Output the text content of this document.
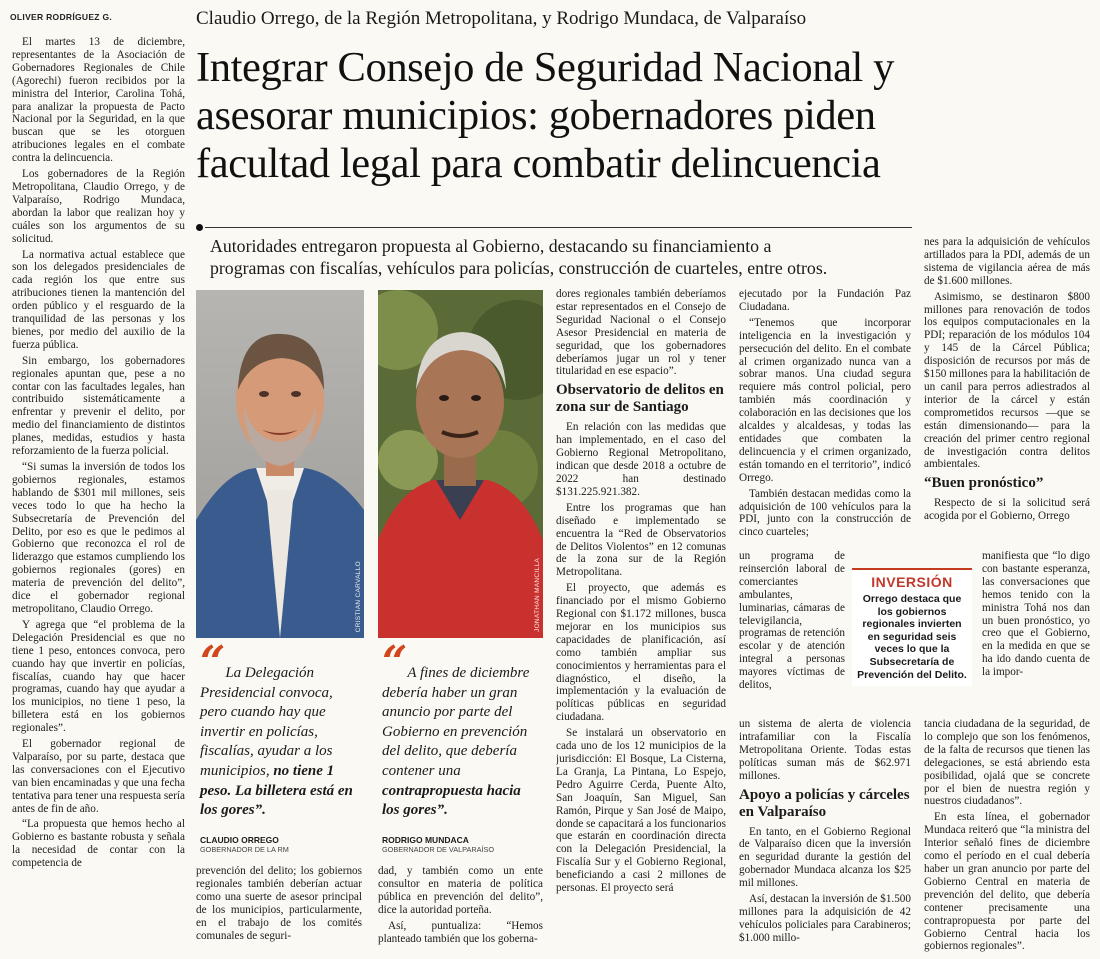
OLIVER RODRÍGUEZ G.	Claudio Orrego, de la Región Metropolitana, y Rodrigo Mundaca, de Valparaíso
Integrar Consejo de Seguridad Nacional y
asesorar municipios: gobernadores piden
facultad legal para combatir delincuencia
Autoridades entregaron propuesta al Gobierno, destacando su financiamiento a
programas con fiscalías, vehículos para policías, construcción de cuarteles, entre otros.

El martes 13 de diciembre, representantes de la Asociación de Gobernadores Regionales de Chile (Agorechi) fueron recibidos por la ministra del Interior, Carolina Tohá, para analizar la propuesta de Pacto Nacional por la Seguridad, en la que buscan que se les otorguen atribuciones legales en el combate contra la delincuencia.

Los gobernadores de la Región Metropolitana, Claudio Orrego, y de Valparaíso, Rodrigo Mundaca, abordan la labor que realizan hoy y cuáles son los argumentos de su solicitud.

La normativa actual establece que son los delegados presidenciales de cada región los que entre sus atribuciones tienen la mantención del orden público y el resguardo de la tranquilidad de las personas y los bienes, por medio del auxilio de la fuerza pública.

Sin embargo, los gobernadores regionales apuntan que, pese a no contar con las facultades legales, han contribuido sistemáticamente a enfrentar y prevenir el delito, por medio del financiamiento de distintos planes, medidas, estudios y hasta reforzamiento de la fuerza policial.

“Si sumas la inversión de todos los gobiernos regionales, estamos hablando de $301 mil millones, seis veces todo lo que ha hecho la Subsecretaría de Prevención del Delito, por eso es que le pedimos al Gobierno que reconozca el rol de liderazgo que estamos cumpliendo los gobiernos regionales (gores) en materia de prevención del delito”, dice el gobernador regional metropolitano, Claudio Orrego.

Y agrega que “el problema de la Delegación Presidencial es que no tiene 1 peso, entonces convoca, pero cuando hay que invertir en policías, fiscalías, cuando hay que hacer programas, cuando hay que ayudar a los municipios, no tiene 1 peso, la billetera está en los gobiernos regionales”.

El gobernador regional de Valparaíso, por su parte, destaca que las conversaciones con el Ejecutivo van bien encaminadas y que una fecha tentativa para tener una respuesta sería antes de fin de año.

“La propuesta que hemos hecho al Gobierno es bastante robusta y señala la necesidad de contar con la competencia de

CRISTIAN CARVALLO	JONATHAN MANCILLA
“La Delegación Presidencial convoca, pero cuando hay que invertir en policías, fiscalías, ayudar a los municipios, no tiene 1 peso. La billetera está en los gores”.
CLAUDIO ORREGO
GOBERNADOR DE LA RM
“A fines de diciembre debería haber un gran anuncio por parte del Gobierno en prevención del delito, que debería contener una contrapropuesta hacia los gores”.
RODRIGO MUNDACA
GOBERNADOR DE VALPARAÍSO

prevención del delito; los gobiernos regionales también deberían actuar como una suerte de asesor principal de los municipios, particularmente, en el trabajo de los comités comunales de seguri-

dad, y también como un ente consultor en materia de política pública en prevención del delito”, dice la autoridad porteña.

Así, puntualiza: “Hemos planteado también que los goberna-

dores regionales también deberíamos estar representados en el Consejo de Seguridad Nacional o el Consejo Asesor Presidencial en materia de seguridad, que los gobernadores deberíamos jugar un rol y tener titularidad en ese espacio”.

Observatorio de delitos en zona sur de Santiago

En relación con las medidas que han implementado, en el caso del Gobierno Regional Metropolitano, indican que desde 2018 a octubre de 2022 han destinado $131.225.921.382.

Entre los programas que han diseñado e implementado se encuentra la “Red de Observatorios de Delitos Violentos” en 12 comunas de la zona sur de la Región Metropolitana.

El proyecto, que además es financiado por el mismo Gobierno Regional con $1.172 millones, busca mejorar en los municipios sus capacidades de planificación, así como también ampliar sus conocimientos y herramientas para el diagnóstico, el diseño, la implementación y la evaluación de políticas públicas en seguridad ciudadana.

Se instalará un observatorio en cada uno de los 12 municipios de la jurisdicción: El Bosque, La Cisterna, La Granja, La Pintana, Lo Espejo, Pedro Aguirre Cerda, Puente Alto, San Joaquín, San Miguel, San Ramón, Pirque y San José de Maipo, donde se capacitará a los funcionarios que estarán en coordinación directa con la Delegación Presidencial, la Fiscalía Sur y el Gobierno Regional, beneficiando a casi 2 millones de personas. El proyecto será

ejecutado por la Fundación Paz Ciudadana.

“Tenemos que incorporar inteligencia en la investigación y persecución del delito. En el combate al crimen organizado nunca van a sobrar manos. Una ciudad segura requiere más control policial, pero también más coordinación y colaboración en las decisiones que los alcaldes y alcaldesas, y todas las entidades que combaten la delincuencia y el crimen organizado, están tomando en el territorio”, indicó Orrego.

También destacan medidas como la adquisición de 100 vehículos para la PDI, junto con la construcción de cinco cuarteles;

un programa de reinserción laboral de comerciantes ambulantes, luminarias, cámaras de televigilancia, programas de retención escolar y de atención integral a personas mayores víctimas de delitos,

un sistema de alerta de violencia intrafamiliar con la Fiscalía Metropolitana Oriente. Todas estas políticas suman más de $62.971 millones.

Apoyo a policías y cárceles en Valparaíso

En tanto, en el Gobierno Regional de Valparaíso dicen que la inversión en seguridad durante la gestión del gobernador Mundaca alcanza los $25 mil millones.

Así, destacan la inversión de $1.500 millones para la adquisición de 42 vehículos policiales para Carabineros; $1.000 millo-

INVERSIÓN
Orrego destaca que los gobiernos regionales invierten en seguridad seis veces lo que la Subsecretaría de Prevención del Delito.

nes para la adquisición de vehículos artillados para la PDI, además de un sistema de vigilancia aérea de más de $1.600 millones.

Asimismo, se destinaron $800 millones para renovación de todos los equipos computacionales en la PDI; reparación de los módulos 104 y 145 de la Cárcel Pública; disposición de recursos por más de $150 millones para la habilitación de un canil para perros adiestrados al interior de la cárcel y están comprometidos recursos —que se están dimensionando— para la creación del primer centro regional de investigación contra delitos ambientales.

“Buen pronóstico”

Respecto de si la solicitud será acogida por el Gobierno, Orrego

manifiesta que “lo digo con bastante esperanza, las conversaciones que hemos tenido con la ministra Tohá nos dan un buen pronóstico, yo creo que el Gobierno, en la medida en que se ha ido dando cuenta de la impor-

tancia ciudadana de la seguridad, de lo complejo que son los fenómenos, de la falta de recursos que tienen las delegaciones, se está abriendo esta posibilidad, ojalá que se concrete por el bien de nuestra región y nuestros ciudadanos”.

En esta línea, el gobernador Mundaca reiteró que “la ministra del Interior señaló fines de diciembre como el período en el cual debería haber un gran anuncio por parte del Gobierno Central en materia de prevención del delito, que debería contener precisamente una contrapropuesta por parte del Gobierno Central hacia los gobiernos regionales”.
